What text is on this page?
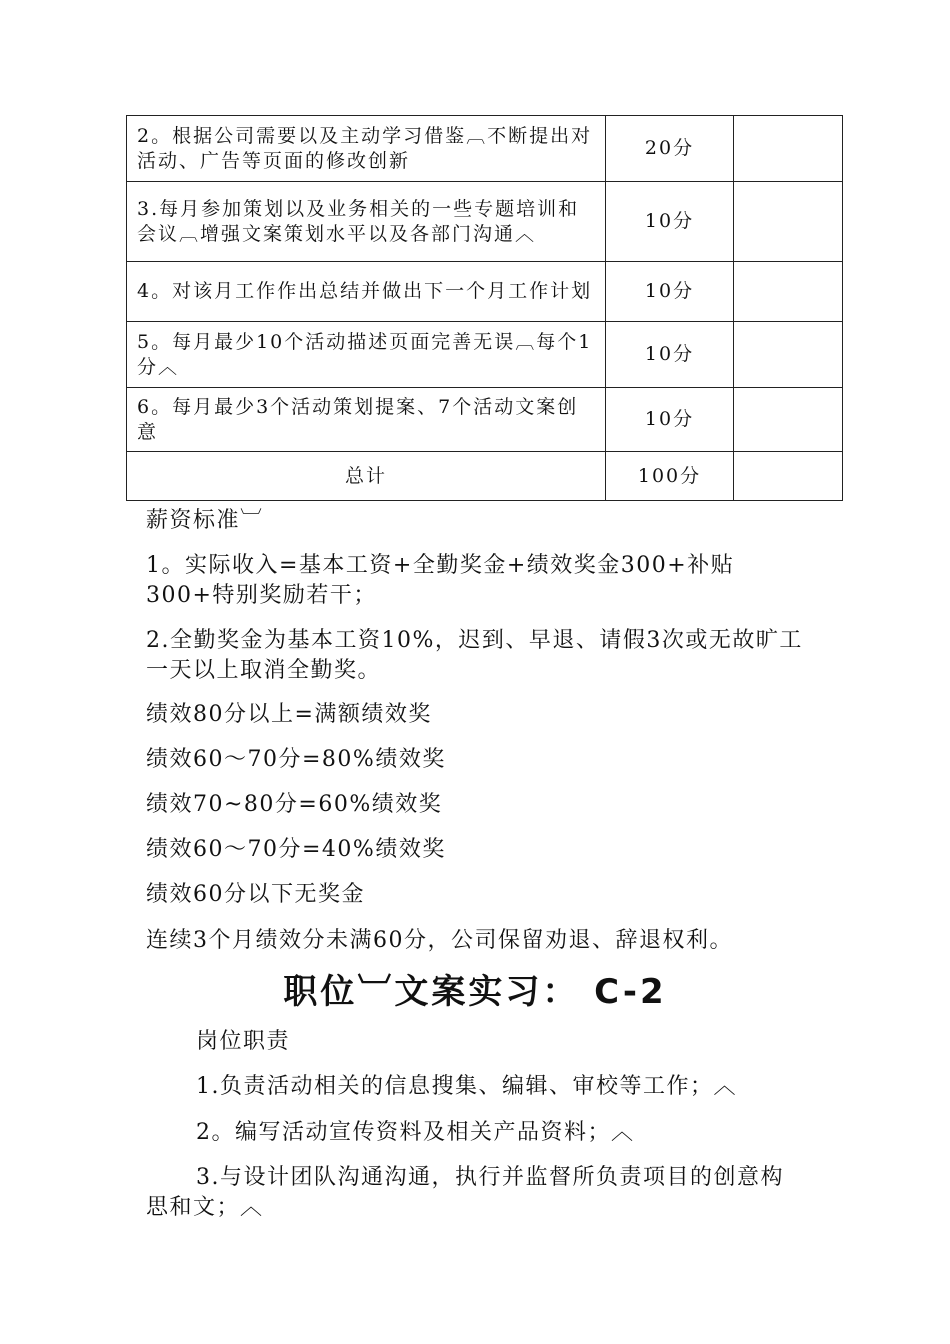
2。根据公司需要以及主动学习借鉴︹不断提出对活动、广告等页面的修改创新	20分	
3.每月参加策划以及业务相关的一些专题培训和会议︹增强文案策划水平以及各部门沟通︿	10分	
4。对该月工作作出总结并做出下一个月工作计划	10分	
5。每月最少10个活动描述页面完善无误︹每个1分︿	10分	
6。每月最少3个活动策划提案、7个活动文案创意	10分	
总计	100分	

薪资标准︺

1。实际收入=基本工资+全勤奖金+绩效奖金300+补贴300+特别奖励若干；

2.全勤奖金为基本工资10%，迟到、早退、请假3次或无故旷工一天以上取消全勤奖。

绩效80分以上=满额绩效奖

绩效60～70分=80%绩效奖

绩效70~80分=60%绩效奖

绩效60～70分=40%绩效奖

绩效60分以下无奖金

连续3个月绩效分未满60分，公司保留劝退、辞退权利。

职位︺文案实习： C-2

岗位职责

1.负责活动相关的信息搜集、编辑、审校等工作；︿

2。编写活动宣传资料及相关产品资料；︿

3.与设计团队沟通沟通，执行并监督所负责项目的创意构思和文；︿
